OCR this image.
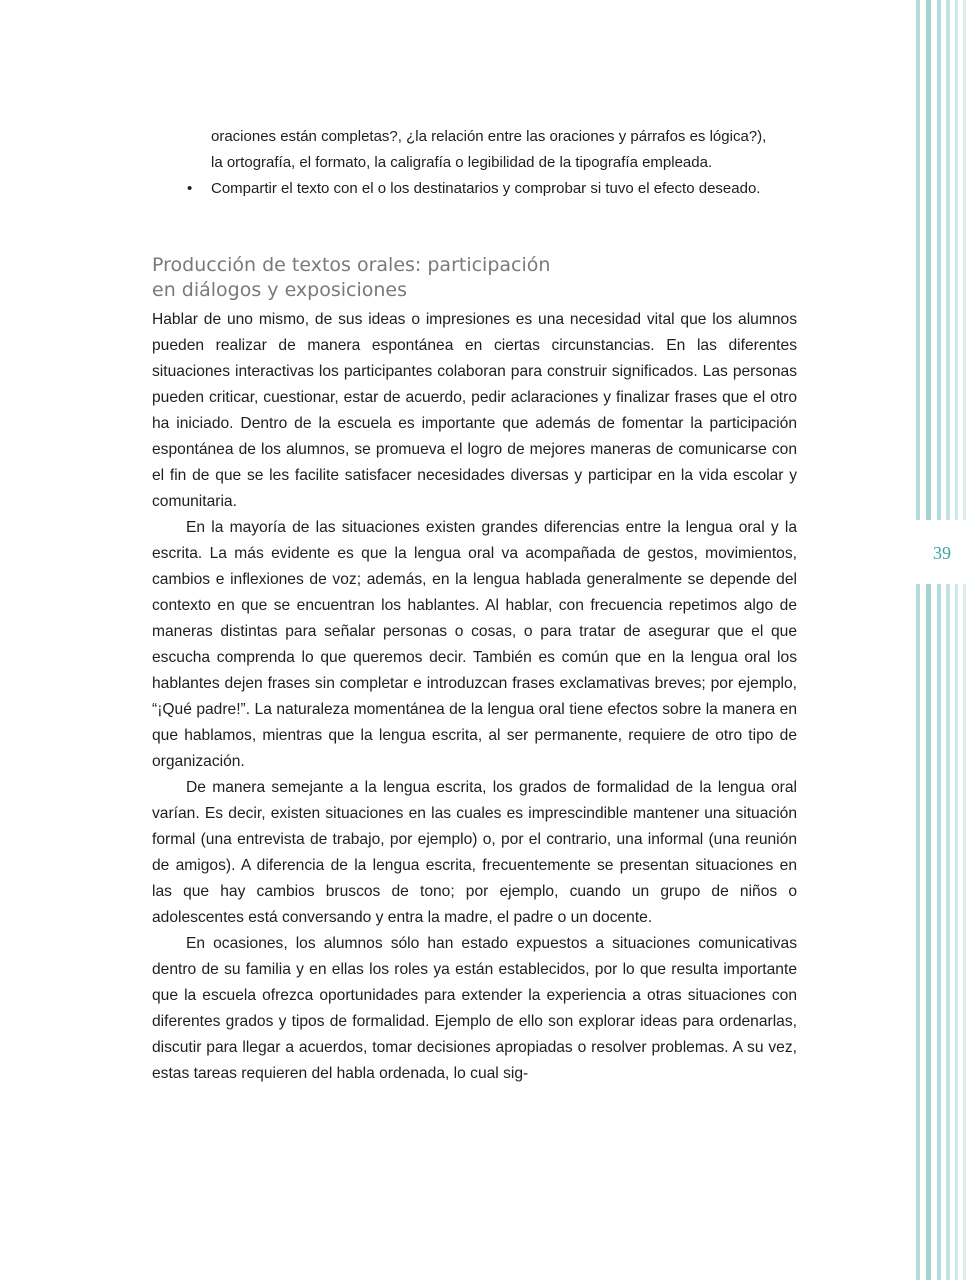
39
oraciones están completas?, ¿la relación entre las oraciones y párrafos es lógica?),
la ortografía, el formato, la caligrafía o legibilidad de la tipografía empleada.
• Compartir el texto con el o los destinatarios y comprobar si tuvo el efecto deseado.
Producción de textos orales: participación
en diálogos y exposiciones

Hablar de uno mismo, de sus ideas o impresiones es una necesidad vital que los alumnos pueden realizar de manera espontánea en ciertas circunstancias. En las diferentes situaciones interactivas los participantes colaboran para construir significados. Las personas pueden criticar, cuestionar, estar de acuerdo, pedir aclaraciones y finalizar frases que el otro ha iniciado. Dentro de la escuela es importante que además de fomentar la participación espontánea de los alumnos, se promueva el logro de mejores maneras de comunicarse con el fin de que se les facilite satisfacer necesidades diversas y participar en la vida escolar y comunitaria.

En la mayoría de las situaciones existen grandes diferencias entre la lengua oral y la escrita. La más evidente es que la lengua oral va acompañada de gestos, movimientos, cambios e inflexiones de voz; además, en la lengua hablada generalmente se depende del contexto en que se encuentran los hablantes. Al hablar, con frecuencia repetimos algo de maneras distintas para señalar personas o cosas, o para tratar de asegurar que el que escucha comprenda lo que queremos decir. También es común que en la lengua oral los hablantes dejen frases sin completar e introduzcan frases exclamativas breves; por ejemplo, “¡Qué padre!”. La naturaleza momentánea de la lengua oral tiene efectos sobre la manera en que hablamos, mientras que la lengua escrita, al ser permanente, requiere de otro tipo de organización.

De manera semejante a la lengua escrita, los grados de formalidad de la lengua oral varían. Es decir, existen situaciones en las cuales es imprescindible mantener una situación formal (una entrevista de trabajo, por ejemplo) o, por el contrario, una informal (una reunión de amigos). A diferencia de la lengua escrita, frecuentemente se presentan situaciones en las que hay cambios bruscos de tono; por ejemplo, cuando un grupo de niños o adolescentes está conversando y entra la madre, el padre o un docente.

En ocasiones, los alumnos sólo han estado expuestos a situaciones comunicativas dentro de su familia y en ellas los roles ya están establecidos, por lo que resulta importante que la escuela ofrezca oportunidades para extender la experiencia a otras situaciones con diferentes grados y tipos de formalidad. Ejemplo de ello son explorar ideas para ordenarlas, discutir para llegar a acuerdos, tomar decisiones apropiadas o resolver problemas. A su vez, estas tareas requieren del habla ordenada, lo cual sig-
